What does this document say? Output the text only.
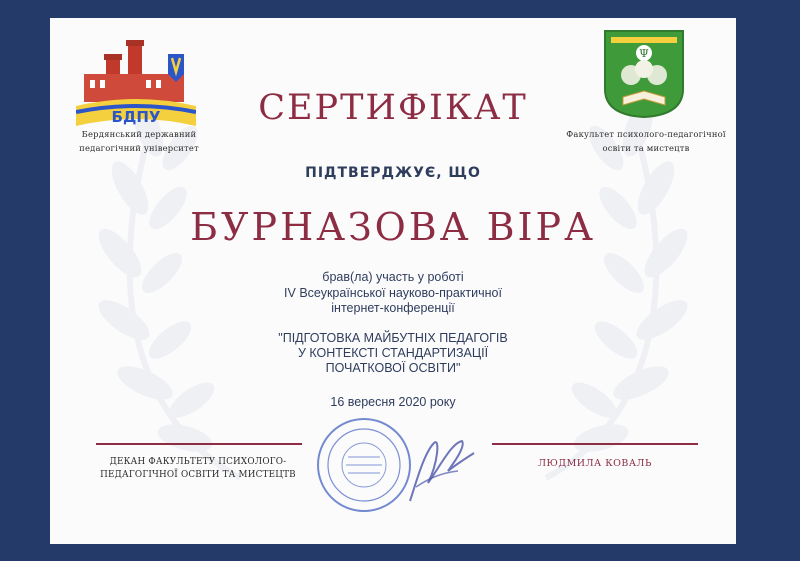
БДПУ
Ψ
Бердянський державний
педагогічний університет
Факультет психолого-педагогічної
освіти та мистецтв
СЕРТИФІКАТ
ПІДТВЕРДЖУЄ, ЩО
БУРНАЗОВА ВІРА
брав(ла) участь у роботі
IV Всеукраїнської науково-практичної
інтернет-конференції
"ПІДГОТОВКА МАЙБУТНІХ ПЕДАГОГІВ
У КОНТЕКСТІ СТАНДАРТИЗАЦІЇ
ПОЧАТКОВОЇ ОСВІТИ"
16 вересня 2020 року
ДЕКАН ФАКУЛЬТЕТУ ПСИХОЛОГО-
ПЕДАГОГІЧНОЇ ОСВІТИ ТА МИСТЕЦТВ
ЛЮДМИЛА КОВАЛЬ
